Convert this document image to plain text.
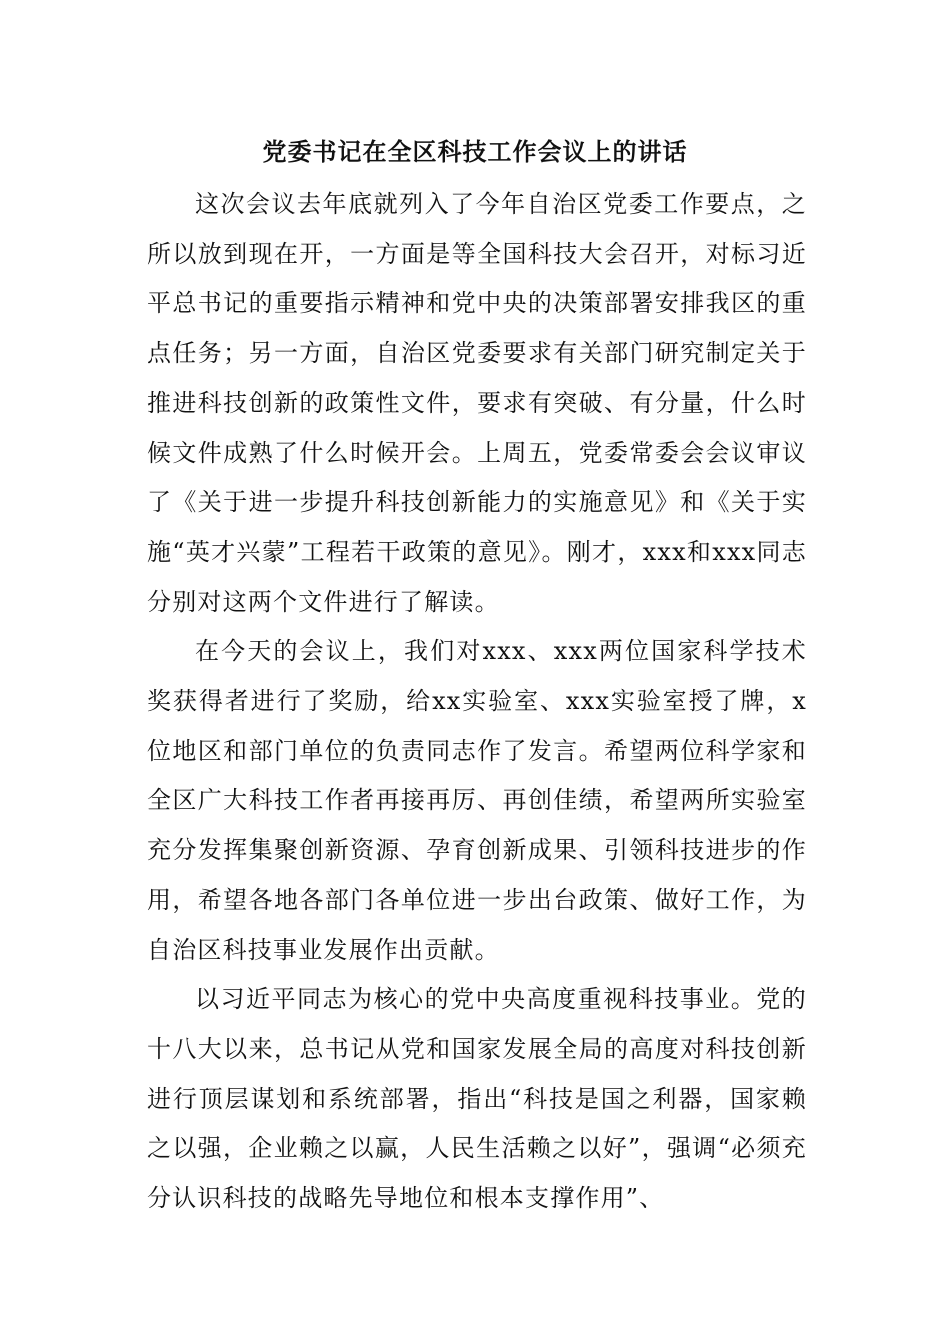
党委书记在全区科技工作会议上的讲话

这次会议去年底就列入了今年自治区党委工作要点，之所以放到现在开，一方面是等全国科技大会召开，对标习近平总书记的重要指示精神和党中央的决策部署安排我区的重点任务；另一方面，自治区党委要求有关部门研究制定关于推进科技创新的政策性文件，要求有突破、有分量，什么时候文件成熟了什么时候开会。上周五，党委常委会会议审议了《关于进一步提升科技创新能力的实施意见》和《关于实施“英才兴蒙”工程若干政策的意见》。刚才，xxx和xxx同志分别对这两个文件进行了解读。

在今天的会议上，我们对xxx、xxx两位国家科学技术奖获得者进行了奖励，给xx实验室、xxx实验室授了牌，x位地区和部门单位的负责同志作了发言。希望两位科学家和全区广大科技工作者再接再厉、再创佳绩，希望两所实验室充分发挥集聚创新资源、孕育创新成果、引领科技进步的作用，希望各地各部门各单位进一步出台政策、做好工作，为自治区科技事业发展作出贡献。

以习近平同志为核心的党中央高度重视科技事业。党的十八大以来，总书记从党和国家发展全局的高度对科技创新进行顶层谋划和系统部署，指出“科技是国之利器，国家赖之以强，企业赖之以赢，人民生活赖之以好”，强调“必须充分认识科技的战略先导地位和根本支撑作用”、
